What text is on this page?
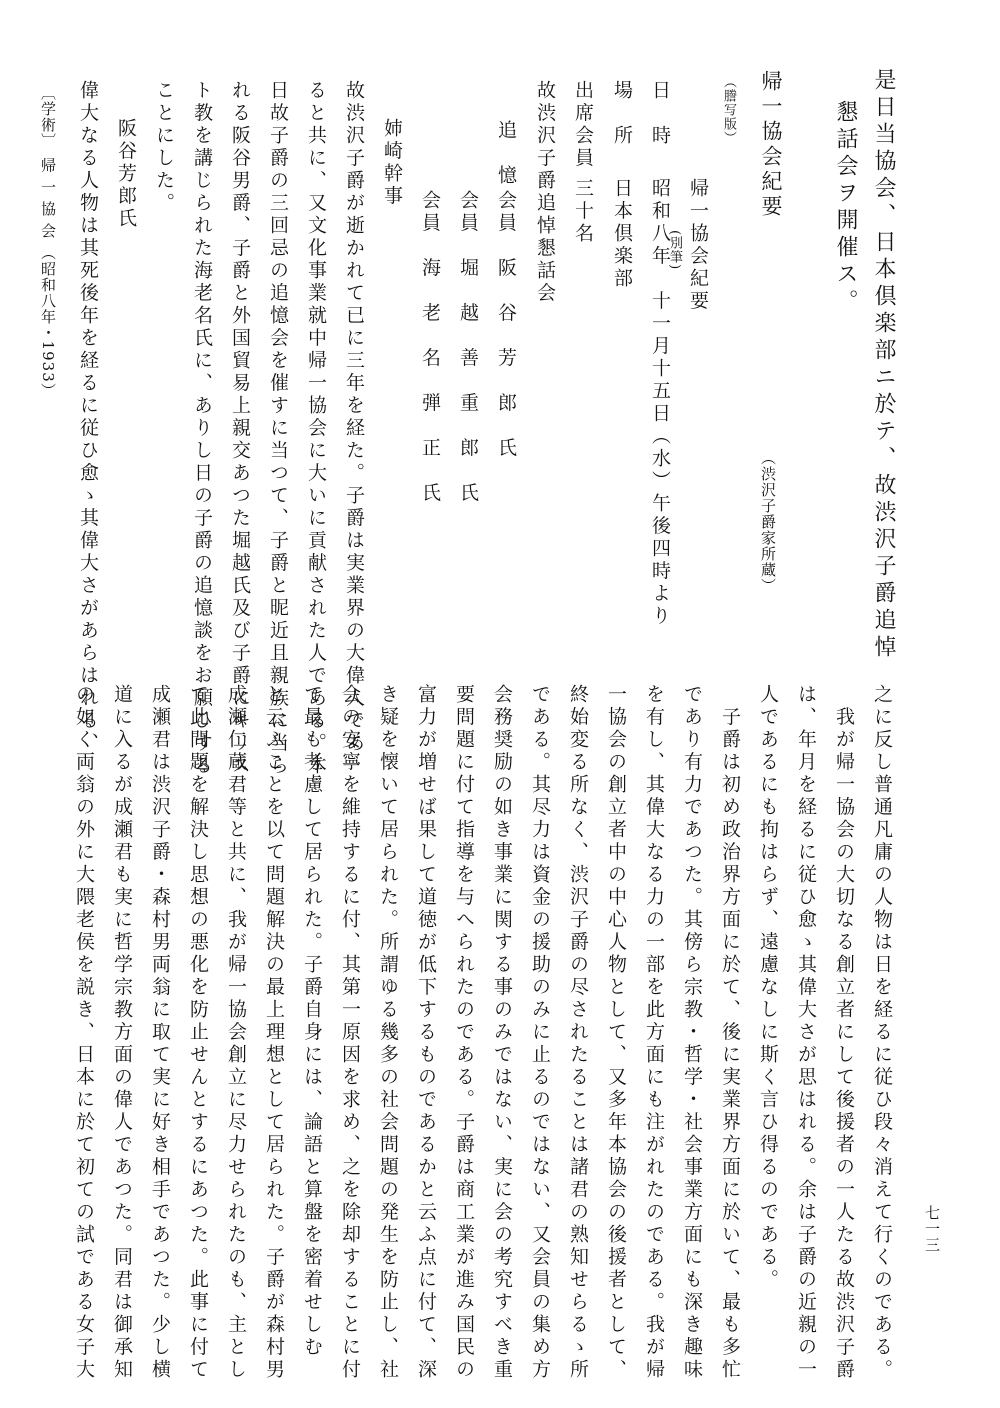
是日当協会、日本倶楽部ニ於テ、故渋沢子爵追悼
懇話会ヲ開催ス。
（渋沢子爵家所蔵）
帰一協会紀要
（謄写版）
帰一協会紀要
(別筆)
日　時
昭和八年　十一月十五日（水）午後四時より
場　所
日本倶楽部
出席会員
三十名
故渋沢子爵追悼懇話会
追　憶
会員　阪　谷　芳　郎　氏
会員　堀　越　善　重　郎　氏
会員　海　老　名　弾　正　氏
姉崎幹事
故渋沢子爵が逝かれて已に三年を経た。子爵は実業界の大偉人であ
ると共に、又文化事業就中帰一協会に大いに貢献された人である。本
日故子爵の三回忌の追憶会を催すに当つて、子爵と昵近且親族に当ら
れる阪谷男爵、子爵と外国貿易上親交あつた堀越氏及び子爵にキリス
ト教を講じられた海老名氏に、ありし日の子爵の追憶談をお願ひする
ことにした。
阪谷芳郎氏
偉大なる人物は其死後年を経るに従ひ愈ゝ其偉大さがあらはれる、
〔学術〕　帰 一 協 会 （昭和八年・1933）
之に反し普通凡庸の人物は日を経るに従ひ段々消えて行くのである。
　我が帰一協会の大切なる創立者にして後援者の一人たる故渋沢子爵
は、年月を経るに従ひ愈ゝ其偉大さが思はれる。余は子爵の近親の一
人であるにも拘はらず、遠慮なしに斯く言ひ得るのである。
　子爵は初め政治界方面に於て、後に実業界方面に於いて、最も多忙
であり有力であつた。其傍ら宗教・哲学・社会事業方面にも深き趣味
を有し、其偉大なる力の一部を此方面にも注がれたのである。我が帰
一協会の創立者中の中心人物として、又多年本協会の後援者として、
終始変る所なく、渋沢子爵の尽されたることは諸君の熟知せらるゝ所
である。其尽力は資金の援助のみに止るのではない、又会員の集め方
会務奨励の如き事業に関する事のみではない、実に会の考究すべき重
要問題に付て指導を与へられたのである。子爵は商工業が進み国民の
富力が増せば果して道徳が低下するものであるかと云ふ点に付て、深
き疑を懐いて居られた。所謂ゆる幾多の社会問題の発生を防止し、社
会の安寧を維持するに付、其第一原因を求め、之を除却することに付
て最も考慮して居られた。子爵自身には、論語と算盤を密着せしむ
と云ふことを以て問題解決の最上理想として居られた。子爵が森村男
成瀬仁蔵君等と共に、我が帰一協会創立に尽力せられたのも、主とし
て此問題を解決し思想の悪化を防止せんとするにあつた。此事に付て
成瀬君は渋沢子爵・森村男両翁に取て実に好き相手であつた。少し横
道に入るが成瀬君も実に哲学宗教方面の偉人であつた。同君は御承知
の如く両翁の外に大隈老侯を説き、日本に於て初ての試である女子大	七一三
